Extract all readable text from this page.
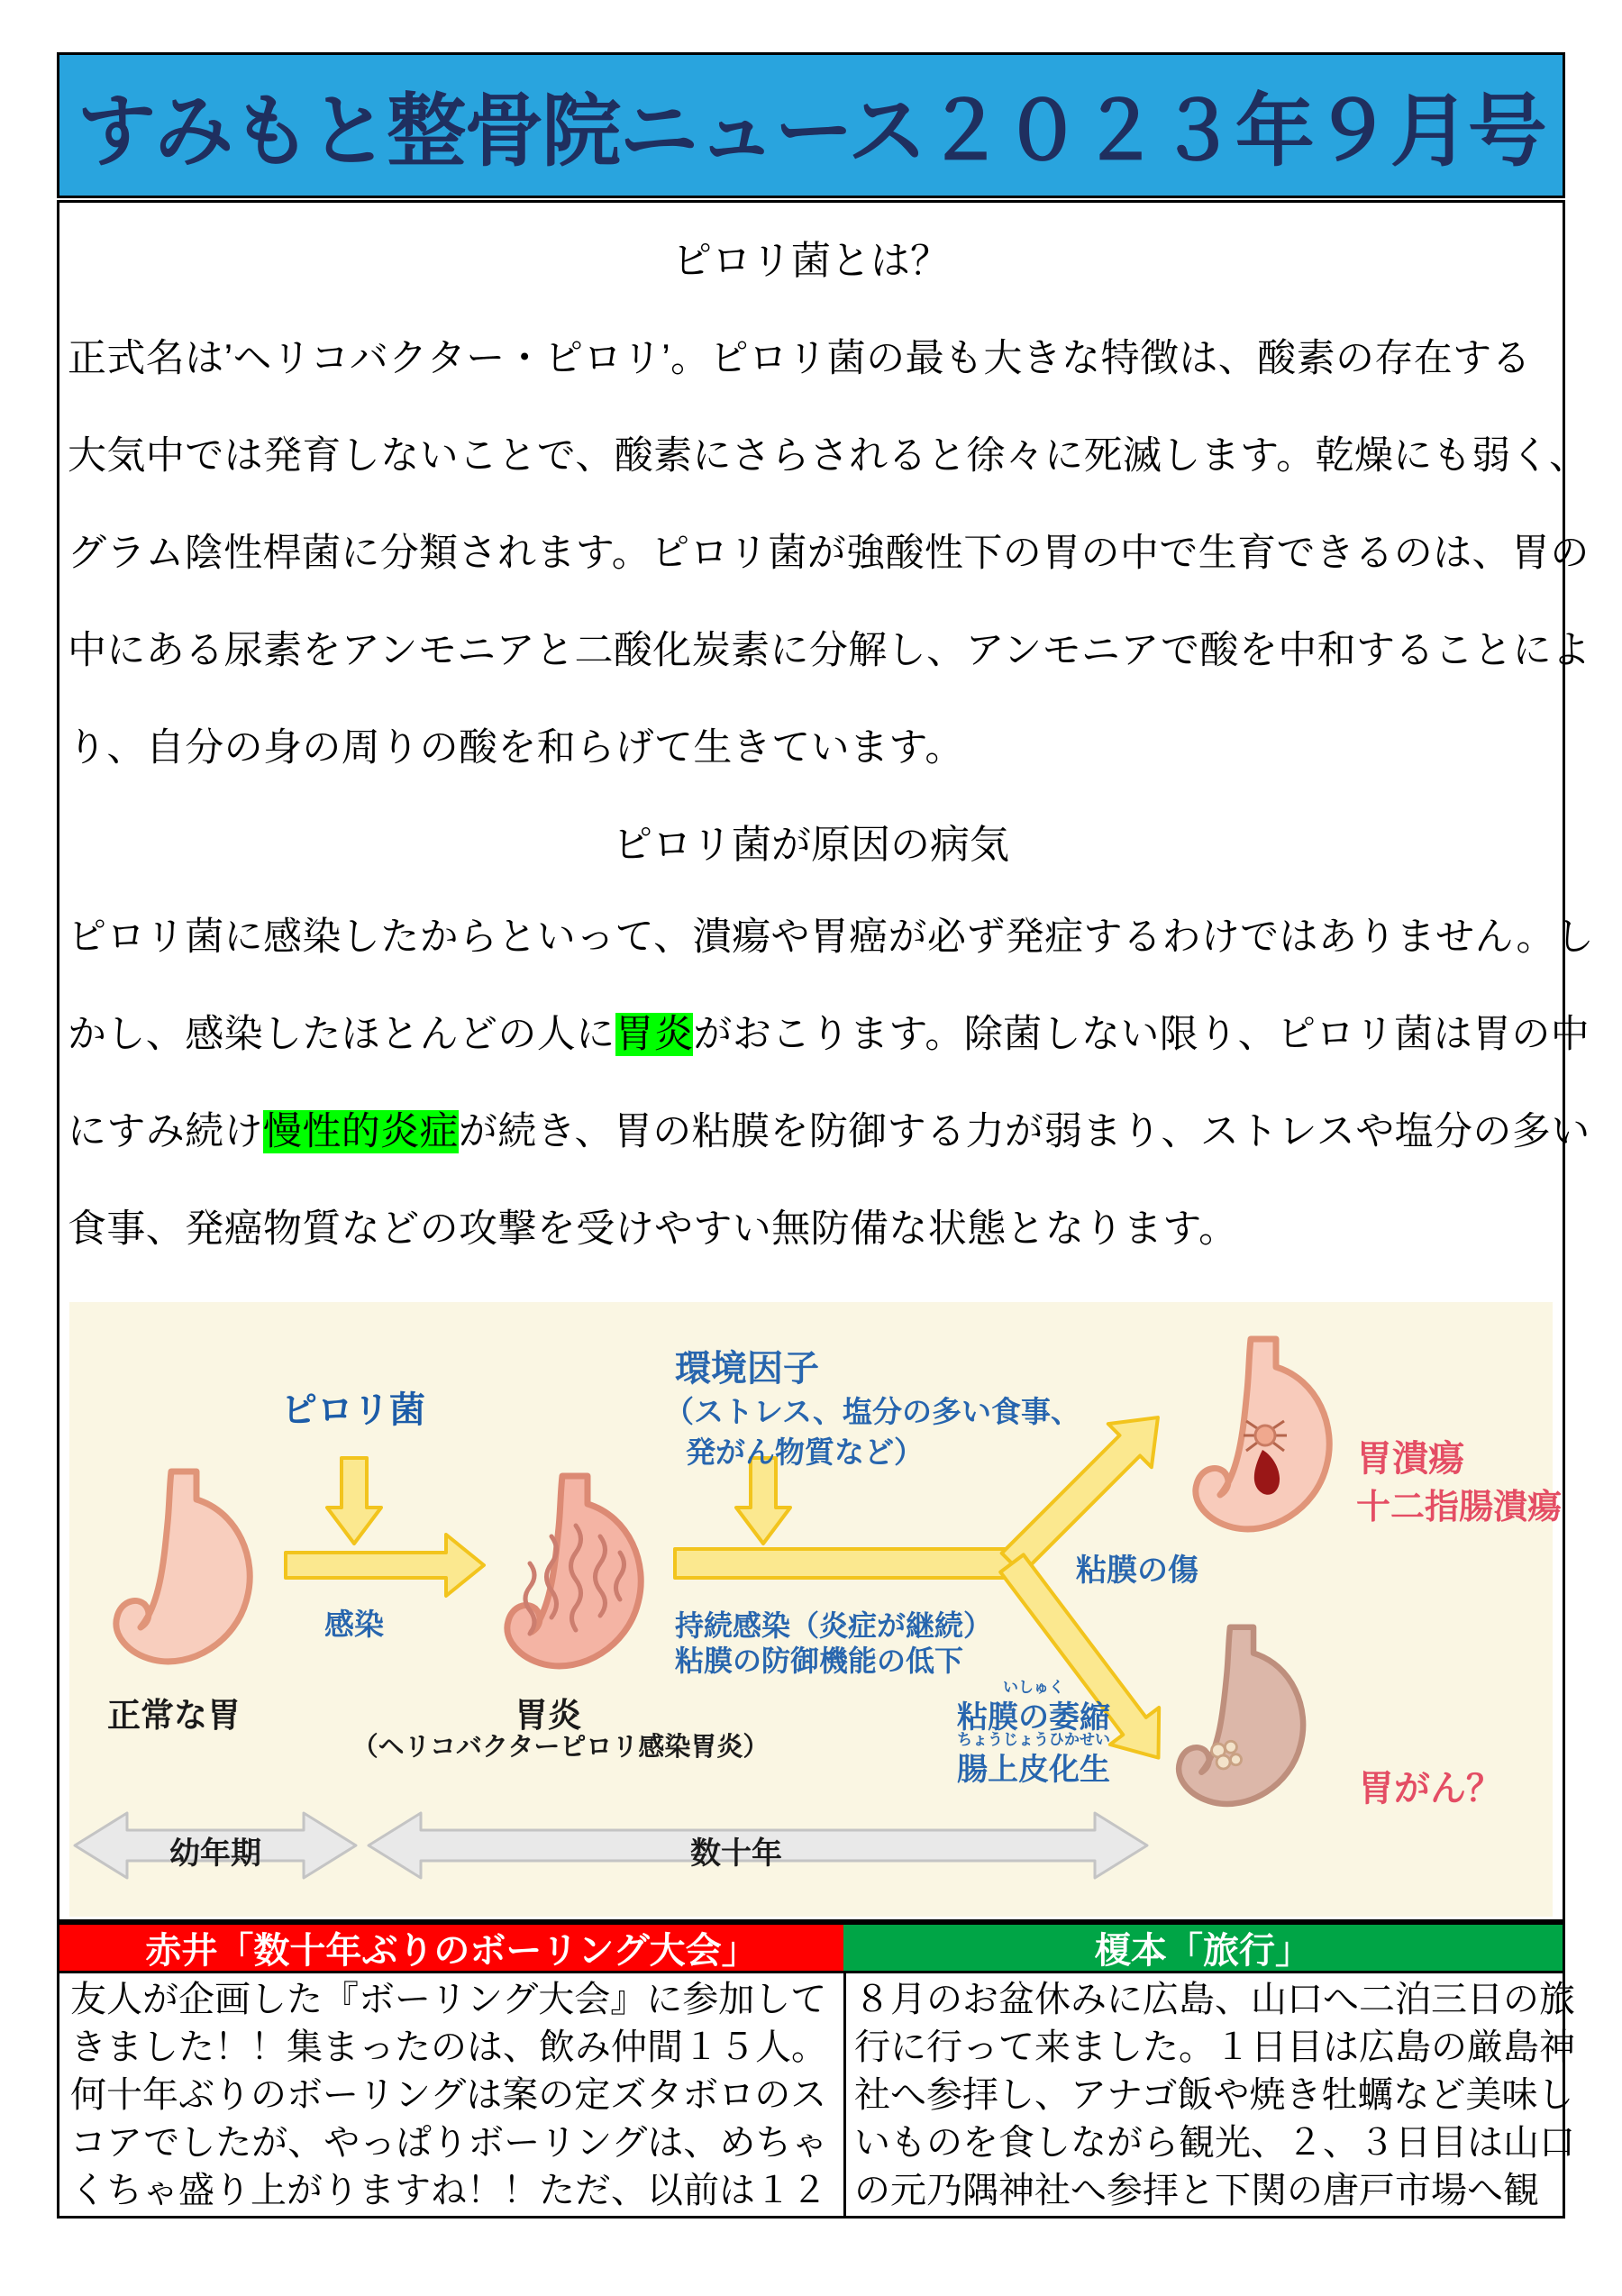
すみもと整骨院ニュース２０２３年９月号
ピロリ菌とは？
正式名は’ヘリコバクター・ピロリ’。ピロリ菌の最も大きな特徴は、酸素の存在する
大気中では発育しないことで、酸素にさらされると徐々に死滅します。乾燥にも弱く、
グラム陰性桿菌に分類されます。ピロリ菌が強酸性下の胃の中で生育できるのは、胃の
中にある尿素をアンモニアと二酸化炭素に分解し、アンモニアで酸を中和することによ
り、自分の身の周りの酸を和らげて生きています。
ピロリ菌が原因の病気
ピロリ菌に感染したからといって、潰瘍や胃癌が必ず発症するわけではありません。し
かし、感染したほとんどの人に胃炎がおこります。除菌しない限り、ピロリ菌は胃の中
にすみ続け慢性的炎症が続き、胃の粘膜を防御する力が弱まり、ストレスや塩分の多い
食事、発癌物質などの攻撃を受けやすい無防備な状態となります。
ピロリ菌
環境因子
（ストレス、塩分の多い食事、
発がん物質など）
感染	持続感染（炎症が継続）
粘膜の防御機能の低下
粘膜の傷
正常な胃	胃炎
（ヘリコバクターピロリ感染胃炎）
胃潰瘍
十二指腸潰瘍
いしゅく
粘膜の萎縮
ちょうじょうひかせい
腸上皮化生	胃がん？
幼年期	数十年
赤井「数十年ぶりのボーリング大会」	榎本「旅行」
友人が企画した『ボーリング大会』に参加して
きました！！集まったのは、飲み仲間１５人。
何十年ぶりのボーリングは案の定ズタボロのス
コアでしたが、やっぱりボーリングは、めちゃ
くちゃ盛り上がりますね！！ただ、以前は１２
８月のお盆休みに広島、山口へ二泊三日の旅
行に行って来ました。１日目は広島の厳島神
社へ参拝し、アナゴ飯や焼き牡蠣など美味し
いものを食しながら観光、２、３日目は山口
の元乃隅神社へ参拝と下関の唐戸市場へ観
